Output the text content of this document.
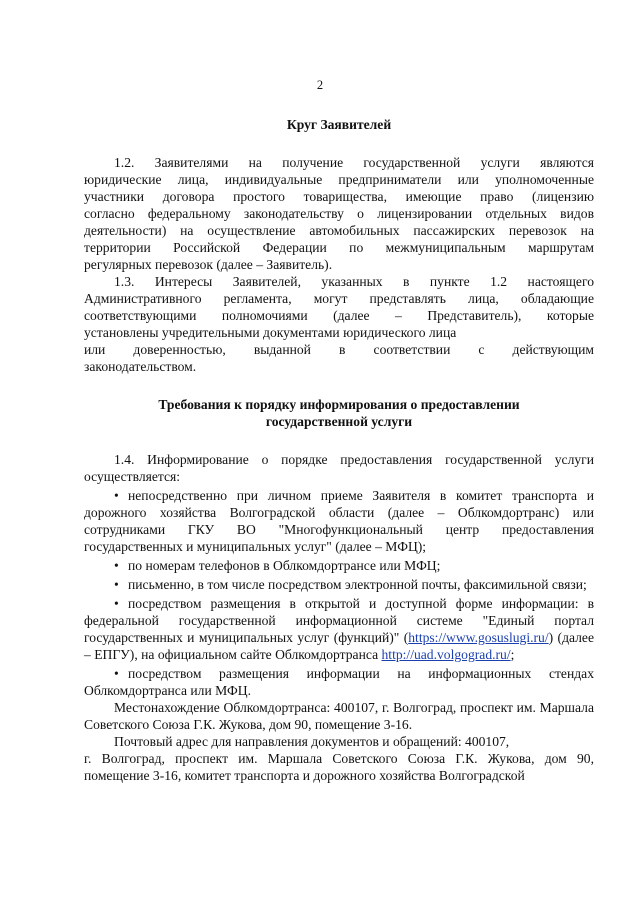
2
Круг Заявителей

1.2. Заявителями на получение государственной услуги являются

юридические лица, индивидуальные предприниматели или уполномоченные

участники договора простого товарищества, имеющие право (лицензию

согласно федеральному законодательству о лицензировании отдельных видов

деятельности) на осуществление автомобильных пассажирских перевозок на

территории Российской Федерации по межмуниципальным маршрутам

регулярных перевозок (далее – Заявитель).

1.3. Интересы Заявителей, указанных в пункте 1.2 настоящего

Административного регламента, могут представлять лица, обладающие

соответствующими полномочиями (далее – Представитель), которые

установлены учредительными документами юридического лица

или доверенностью, выданной в соответствии с действующим

законодательством.

Требования к порядку информирования о предоставлении
государственной услуги

1.4. Информирование о порядке предоставления государственной услуги осуществляется:

• непосредственно при личном приеме Заявителя в комитет транспорта и дорожного хозяйства Волгоградской области (далее – Облкомдортранс) или сотрудниками ГКУ ВО "Многофункциональный центр предоставления государственных и муниципальных услуг" (далее – МФЦ);

• по номерам телефонов в Облкомдортрансе или МФЦ;

• письменно, в том числе посредством электронной почты, факсимильной связи;

• посредством размещения в открытой и доступной форме информации: в федеральной государственной информационной системе "Единый портал государственных и муниципальных услуг (функций)" (https://www.gosuslugi.ru/) (далее – ЕПГУ), на официальном сайте Облкомдортранса http://uad.volgograd.ru/;

• посредством размещения информации на информационных стендах Облкомдортранса или МФЦ.

Местонахождение Облкомдортранса: 400107, г. Волгоград, проспект им. Маршала Советского Союза Г.К. Жукова, дом 90, помещение 3-16.

Почтовый адрес для направления документов и обращений: 400107,

г. Волгоград, проспект им. Маршала Советского Союза Г.К. Жукова, дом 90, помещение 3-16, комитет транспорта и дорожного хозяйства Волгоградской
